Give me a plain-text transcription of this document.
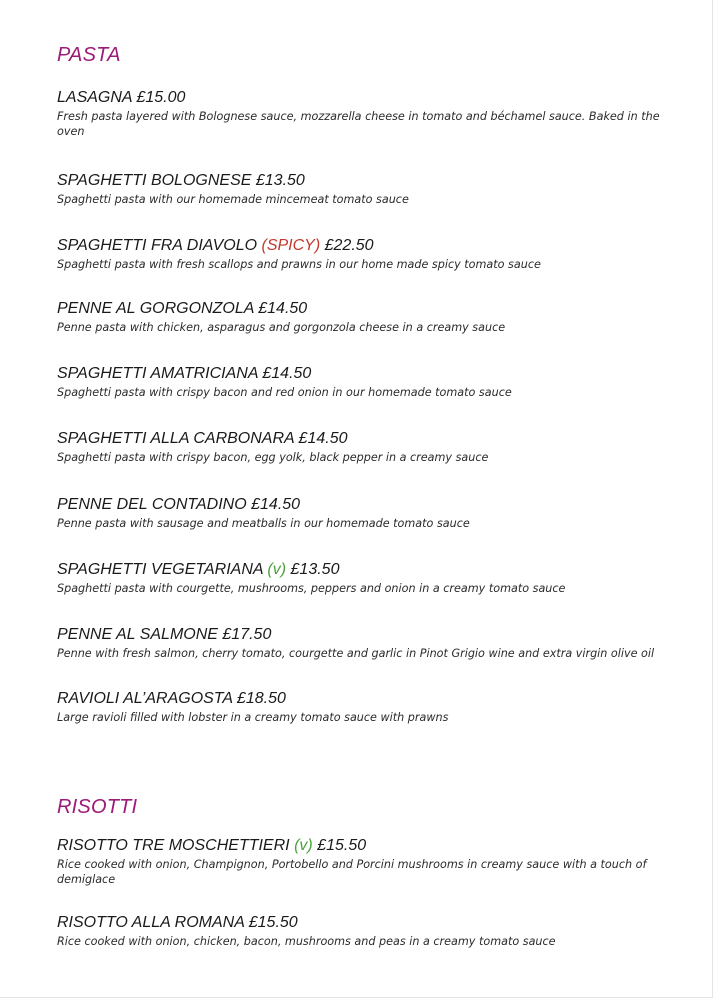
PASTA
LASAGNA £15.00
Fresh pasta layered with Bolognese sauce, mozzarella cheese in tomato and béchamel sauce. Baked in the oven
SPAGHETTI BOLOGNESE £13.50
Spaghetti pasta with our homemade mincemeat tomato sauce
SPAGHETTI FRA DIAVOLO (SPICY) £22.50
Spaghetti pasta with fresh scallops and prawns in our home made spicy tomato sauce
PENNE AL GORGONZOLA £14.50
Penne pasta with chicken, asparagus and gorgonzola cheese in a creamy sauce
SPAGHETTI AMATRICIANA £14.50
Spaghetti pasta with crispy bacon and red onion in our homemade tomato sauce
SPAGHETTI ALLA CARBONARA £14.50
Spaghetti pasta with crispy bacon, egg yolk, black pepper in a creamy sauce
PENNE DEL CONTADINO £14.50
Penne pasta with sausage and meatballs in our homemade tomato sauce
SPAGHETTI VEGETARIANA (v) £13.50
Spaghetti pasta with courgette, mushrooms, peppers and onion in a creamy tomato sauce
PENNE AL SALMONE £17.50
Penne with fresh salmon, cherry tomato, courgette and garlic in Pinot Grigio wine and extra virgin olive oil
RAVIOLI AL’ARAGOSTA £18.50
Large ravioli filled with lobster in a creamy tomato sauce with prawns
RISOTTI
RISOTTO TRE MOSCHETTIERI (v) £15.50
Rice cooked with onion, Champignon, Portobello and Porcini mushrooms in creamy sauce with a touch of demiglace
RISOTTO ALLA ROMANA £15.50
Rice cooked with onion, chicken, bacon, mushrooms and peas in a creamy tomato sauce
